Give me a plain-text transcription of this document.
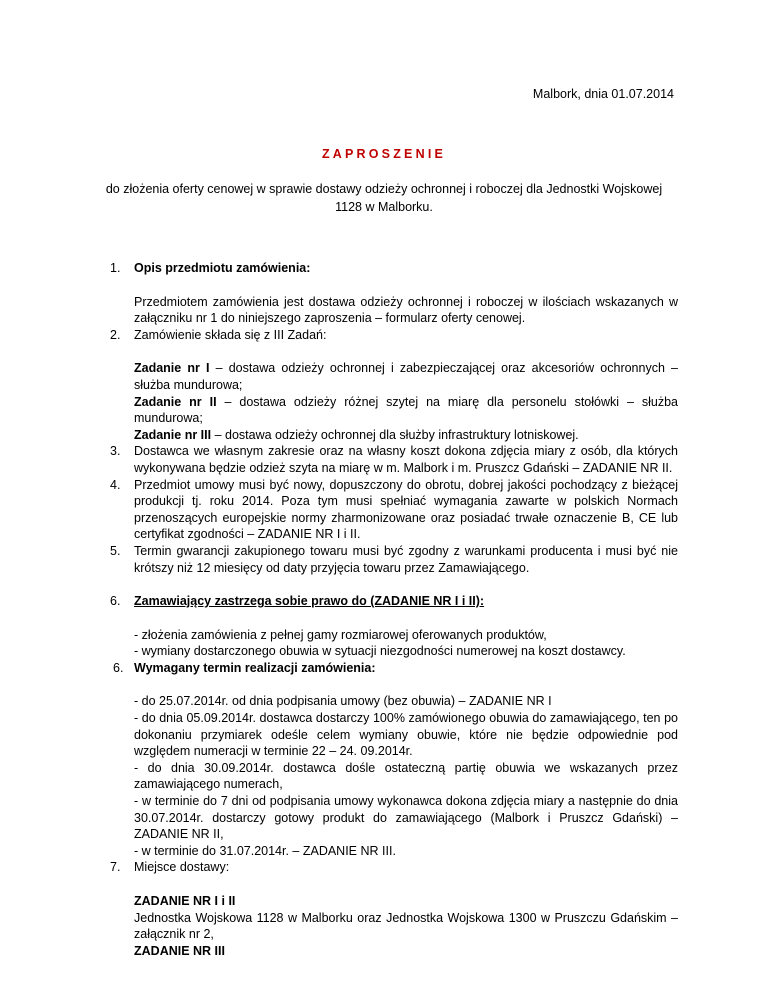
Malbork, dnia 01.07.2014
ZAPROSZENIE
do złożenia oferty cenowej w sprawie dostawy odzieży ochronnej i roboczej dla Jednostki Wojskowej
1128 w Malborku.
1. Opis przedmiotu zamówienia:
Przedmiotem zamówienia jest dostawa odzieży ochronnej i roboczej w ilościach wskazanych w załączniku nr 1 do niniejszego zaproszenia – formularz oferty cenowej.
2. Zamówienie składa się z III Zadań:
Zadanie nr I – dostawa odzieży ochronnej i zabezpieczającej oraz akcesoriów ochronnych – służba mundurowa;
Zadanie nr II – dostawa odzieży różnej szytej na miarę dla personelu stołówki – służba mundurowa;
Zadanie nr III – dostawa odzieży ochronnej dla służby infrastruktury lotniskowej.
3. Dostawca we własnym zakresie oraz na własny koszt dokona zdjęcia miary z osób, dla których wykonywana będzie odzież szyta na miarę w m. Malbork i m. Pruszcz Gdański – ZADANIE NR II.
4. Przedmiot umowy musi być nowy, dopuszczony do obrotu, dobrej jakości pochodzący z bieżącej produkcji tj. roku 2014. Poza tym musi spełniać wymagania zawarte w polskich Normach przenoszących europejskie normy zharmonizowane oraz posiadać trwałe oznaczenie B, CE lub certyfikat zgodności – ZADANIE NR I i II.
5. Termin gwarancji zakupionego towaru musi być zgodny z warunkami producenta i musi być nie krótszy niż 12 miesięcy od daty przyjęcia towaru przez Zamawiającego.
6. Zamawiający zastrzega sobie prawo do (ZADANIE NR I i II):
- złożenia zamówienia z pełnej gamy rozmiarowej oferowanych produktów,
- wymiany dostarczonego obuwia w sytuacji niezgodności numerowej na koszt dostawcy.
6. Wymagany termin realizacji zamówienia:
- do 25.07.2014r. od dnia podpisania umowy (bez obuwia) – ZADANIE NR I
- do dnia 05.09.2014r. dostawca dostarczy 100% zamówionego obuwia do zamawiającego, ten po dokonaniu przymiarek odeśle celem wymiany obuwie, które nie będzie odpowiednie pod względem numeracji w terminie 22 – 24. 09.2014r.
- do dnia 30.09.2014r. dostawca dośle ostateczną partię obuwia we wskazanych przez zamawiającego numerach,
- w terminie do 7 dni od podpisania umowy wykonawca dokona zdjęcia miary a następnie do dnia 30.07.2014r. dostarczy gotowy produkt do zamawiającego (Malbork i Pruszcz Gdański) – ZADANIE NR II,
- w terminie do 31.07.2014r. – ZADANIE NR III.
7. Miejsce dostawy:
ZADANIE NR I i II
Jednostka Wojskowa 1128 w Malborku oraz Jednostka Wojskowa 1300 w Pruszczu Gdańskim – załącznik nr 2,
ZADANIE NR III
